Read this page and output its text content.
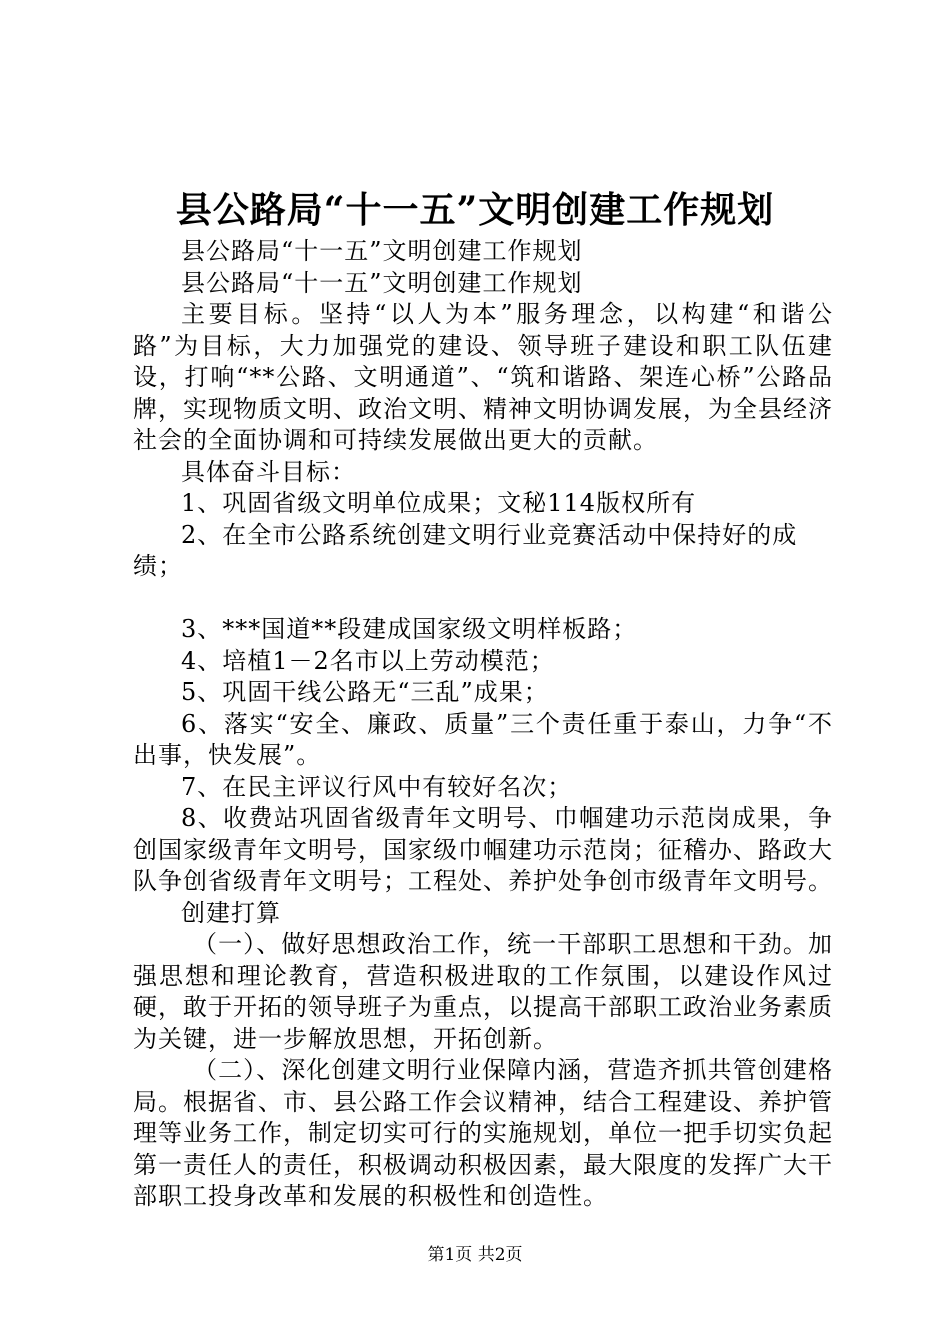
县公路局“十一五”文明创建工作规划

县公路局“十一五”文明创建工作规划

县公路局“十一五”文明创建工作规划

主要目标。坚持“以人为本”服务理念，以构建“和谐公路”为目标，大力加强党的建设、领导班子建设和职工队伍建设，打响“**公路、文明通道”、“筑和谐路、架连心桥”公路品牌，实现物质文明、政治文明、精神文明协调发展，为全县经济社会的全面协调和可持续发展做出更大的贡献。

具体奋斗目标：

1、巩固省级文明单位成果；文秘114版权所有

2、在全市公路系统创建文明行业竞赛活动中保持好的成绩；

3、***国道**段建成国家级文明样板路；

4、培植1－2名市以上劳动模范；

5、巩固干线公路无“三乱”成果；

6、落实“安全、廉政、质量”三个责任重于泰山，力争“不出事，快发展”。

7、在民主评议行风中有较好名次；

8、收费站巩固省级青年文明号、巾帼建功示范岗成果，争创国家级青年文明号，国家级巾帼建功示范岗；征稽办、路政大队争创省级青年文明号；工程处、养护处争创市级青年文明号。

创建打算

（一）、做好思想政治工作，统一干部职工思想和干劲。加强思想和理论教育，营造积极进取的工作氛围，以建设作风过硬，敢于开拓的领导班子为重点，以提高干部职工政治业务素质为关键，进一步解放思想，开拓创新。

（二）、深化创建文明行业保障内涵，营造齐抓共管创建格局。根据省、市、县公路工作会议精神，结合工程建设、养护管理等业务工作，制定切实可行的实施规划，单位一把手切实负起第一责任人的责任，积极调动积极因素，最大限度的发挥广大干部职工投身改革和发展的积极性和创造性。

第1页 共2页
